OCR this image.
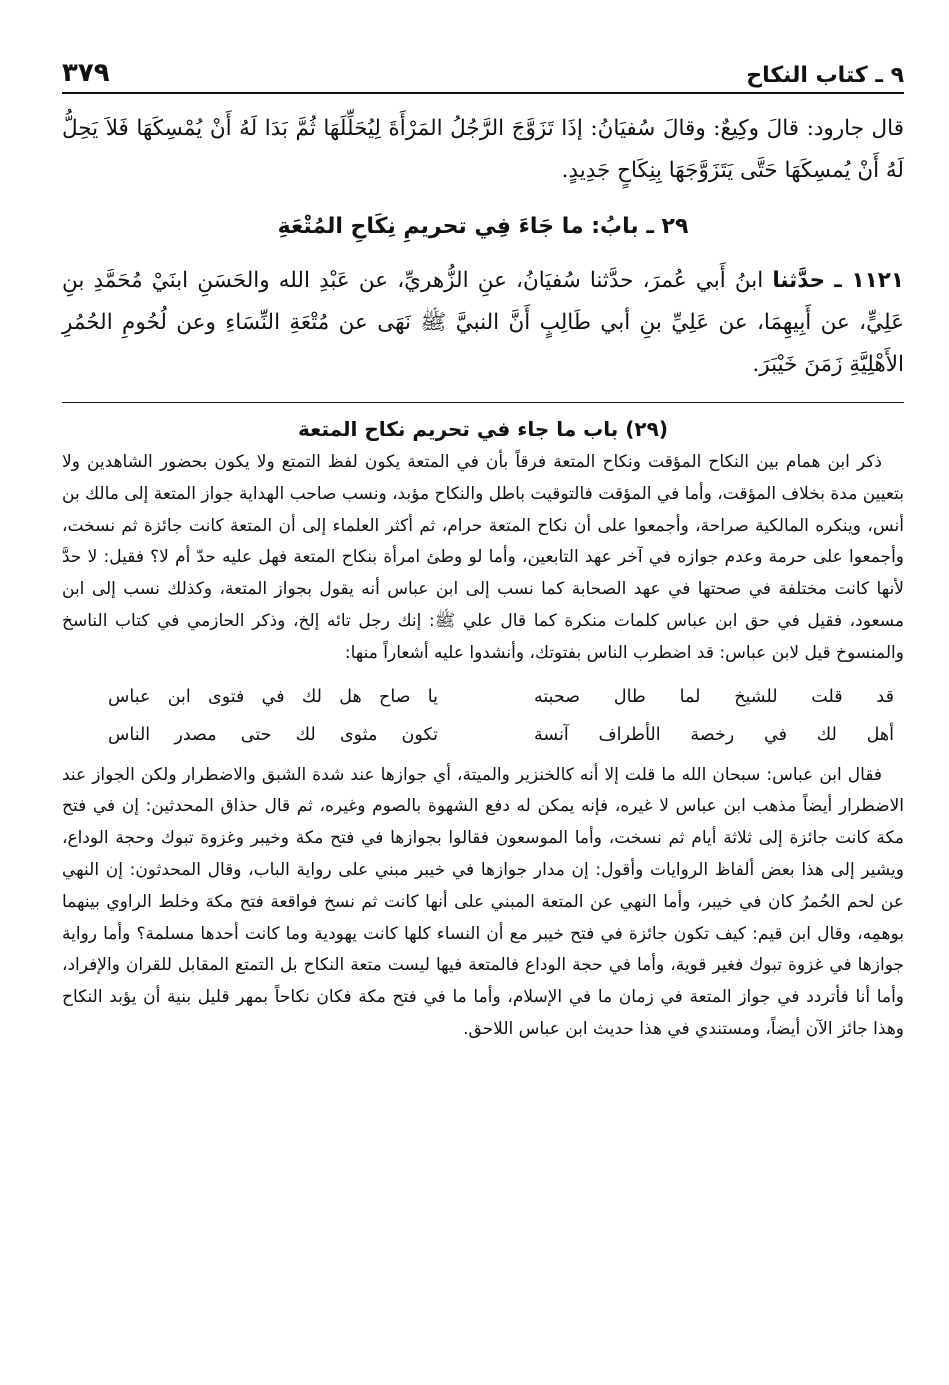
٩ ـ كتاب النكاح
٣٧٩

قال جارود: قالَ وكِيعٌ: وقالَ سُفيَانُ: إذَا تَزَوَّجَ الرَّجُلُ المَرْأَةَ لِيُحَلِّلَهَا ثُمَّ بَدَا لَهُ أَنْ يُمْسِكَهَا فَلاَ يَحِلُّ لَهُ أَنْ يُمسِكَهَا حَتَّى يَتَزَوَّجَهَا بِنِكَاحٍ جَدِيدٍ.

٢٩ ـ بابُ: ما جَاءَ فِي تحريمِ نِكَاحِ المُتْعَةِ

١١٢١ ـ حدَّثنا ابنُ أَبي عُمرَ، حدَّثنا سُفيَانُ، عنِ الزُّهريِّ، عن عَبْدِ الله والحَسَنِ ابنَيْ مُحَمَّدِ بنِ عَلِيٍّ، عن أَبِيهِمَا، عن عَلِيِّ بنِ أبي طَالِبٍ أَنَّ النبيَّ ﷺ نَهَى عن مُتْعَةِ النِّسَاءِ وعن لُحُومِ الحُمُرِ الأَهْلِيَّةِ زَمَنَ خَيْبَرَ.

(٢٩) باب ما جاء في تحريم نكاح المتعة

ذكر ابن همام بين النكاح المؤقت ونكاح المتعة فرقاً بأن في المتعة يكون لفظ التمتع ولا يكون بحضور الشاهدين ولا بتعيين مدة بخلاف المؤقت، وأما في المؤقت فالتوقيت باطل والنكاح مؤبد، ونسب صاحب الهداية جواز المتعة إلى مالك بن أنس، وينكره المالكية صراحة، وأجمعوا على أن نكاح المتعة حرام، ثم أكثر العلماء إلى أن المتعة كانت جائزة ثم نسخت، وأجمعوا على حرمة وعدم جوازه في آخر عهد التابعين، وأما لو وطئ امرأة بنكاح المتعة فهل عليه حدّ أم لا؟ فقيل: لا حدَّ لأنها كانت مختلفة في صحتها في عهد الصحابة كما نسب إلى ابن عباس أنه يقول بجواز المتعة، وكذلك نسب إلى ابن مسعود، فقيل في حق ابن عباس كلمات منكرة كما قال علي ﷺ: إنك رجل تائه إلخ، وذكر الحازمي في كتاب الناسخ والمنسوخ قيل لابن عباس: قد اضطرب الناس بفتوتك، وأنشدوا عليه أشعاراً منها:

قد قلت للشيخ لما طال صحبته
يا صاح هل لك في فتوى ابن عباس
أهل لك في رخصة الأطراف آنسة
تكون مثوى لك حتى مصدر الناس

فقال ابن عباس: سبحان الله ما قلت إلا أنه كالخنزير والميتة، أي جوازها عند شدة الشبق والاضطرار ولكن الجواز عند الاضطرار أيضاً مذهب ابن عباس لا غيره، فإنه يمكن له دفع الشهوة بالصوم وغيره، ثم قال حذاق المحدثين: إن في فتح مكة كانت جائزة إلى ثلاثة أيام ثم نسخت، وأما الموسعون فقالوا بجوازها في فتح مكة وخيبر وغزوة تبوك وحجة الوداع، ويشير إلى هذا بعض ألفاظ الروايات وأقول: إن مدار جوازها في خيبر مبني على رواية الباب، وقال المحدثون: إن النهي عن لحم الحُمرُ كان في خيبر، وأما النهي عن المتعة المبني على أنها كانت ثم نسخ فواقعة فتح مكة وخلط الراوي بينهما بوهمِه، وقال ابن قيم: كيف تكون جائزة في فتح خيبر مع أن النساء كلها كانت يهودية وما كانت أحدها مسلمة؟ وأما رواية جوازها في غزوة تبوك فغير قوية، وأما في حجة الوداع فالمتعة فيها ليست متعة النكاح بل التمتع المقابل للقران والإفراد، وأما أنا فأتردد في جواز المتعة في زمان ما في الإسلام، وأما ما في فتح مكة فكان نكاحاً بمهر قليل بنية أن يؤبد النكاح وهذا جائز الآن أيضاً، ومستندي في هذا حديث ابن عباس اللاحق.
